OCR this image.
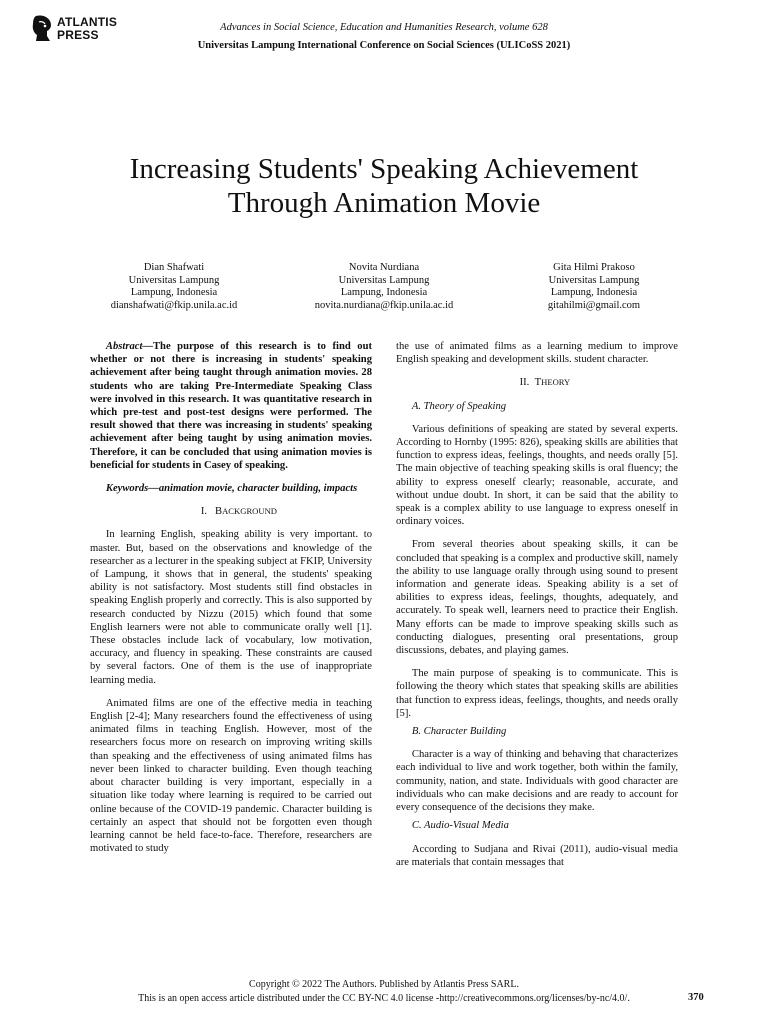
ATLANTIS
PRESS
Advances in Social Science, Education and Humanities Research, volume 628
Universitas Lampung International Conference on Social Sciences (ULICoSS 2021)
Increasing Students' Speaking Achievement
Through Animation Movie
Dian Shafwati
Universitas Lampung
Lampung, Indonesia
dianshafwati@fkip.unila.ac.id
Novita Nurdiana
Universitas Lampung
Lampung, Indonesia
novita.nurdiana@fkip.unila.ac.id
Gita Hilmi Prakoso
Universitas Lampung
Lampung, Indonesia
gitahilmi@gmail.com

Abstract—The purpose of this research is to find out whether or not there is increasing in students' speaking achievement after being taught through animation movies. 28 students who are taking Pre-Intermediate Speaking Class were involved in this research. It was quantitative research in which pre-test and post-test designs were performed. The result showed that there was increasing in students' speaking achievement after being taught by using animation movies. Therefore, it can be concluded that using animation movies is beneficial for students in Casey of speaking.

Keywords—animation movie, character building, impacts

I. BACKGROUND

In learning English, speaking ability is very important. to master. But, based on the observations and knowledge of the researcher as a lecturer in the speaking subject at FKIP, University of Lampung, it shows that in general, the students' speaking ability is not satisfactory. Most students still find obstacles in speaking English properly and correctly. This is also supported by research conducted by Nizzu (2015) which found that some English learners were not able to communicate orally well [1]. These obstacles include lack of vocabulary, low motivation, accuracy, and fluency in speaking. These constraints are caused by several factors. One of them is the use of inappropriate learning media.

Animated films are one of the effective media in teaching English [2-4]; Many researchers found the effectiveness of using animated films in teaching English. However, most of the researchers focus more on research on improving writing skills than speaking and the effectiveness of using animated films has never been linked to character building. Even though teaching about character building is very important, especially in a situation like today where learning is required to be carried out online because of the COVID-19 pandemic. Character building is certainly an aspect that should not be forgotten even though learning cannot be held face-to-face. Therefore, researchers are motivated to study

the use of animated films as a learning medium to improve English speaking and development skills. student character.

II. THEORY

A. Theory of Speaking

Various definitions of speaking are stated by several experts. According to Hornby (1995: 826), speaking skills are abilities that function to express ideas, feelings, thoughts, and needs orally [5]. The main objective of teaching speaking skills is oral fluency; the ability to express oneself clearly; reasonable, accurate, and without undue doubt. In short, it can be said that the ability to speak is a complex ability to use language to express oneself in ordinary voices.

From several theories about speaking skills, it can be concluded that speaking is a complex and productive skill, namely the ability to use language orally through using sound to present information and generate ideas. Speaking ability is a set of abilities to express ideas, feelings, thoughts, adequately, and accurately. To speak well, learners need to practice their English. Many efforts can be made to improve speaking skills such as conducting dialogues, presenting oral presentations, group discussions, debates, and playing games.

The main purpose of speaking is to communicate. This is following the theory which states that speaking skills are abilities that function to express ideas, feelings, thoughts, and needs orally [5].

B. Character Building

Character is a way of thinking and behaving that characterizes each individual to live and work together, both within the family, community, nation, and state. Individuals with good character are individuals who can make decisions and are ready to account for every consequence of the decisions they make.

C. Audio-Visual Media

According to Sudjana and Rivai (2011), audio-visual media are materials that contain messages that

Copyright © 2022 The Authors. Published by Atlantis Press SARL.
This is an open access article distributed under the CC BY-NC 4.0 license -http://creativecommons.org/licenses/by-nc/4.0/.	370
